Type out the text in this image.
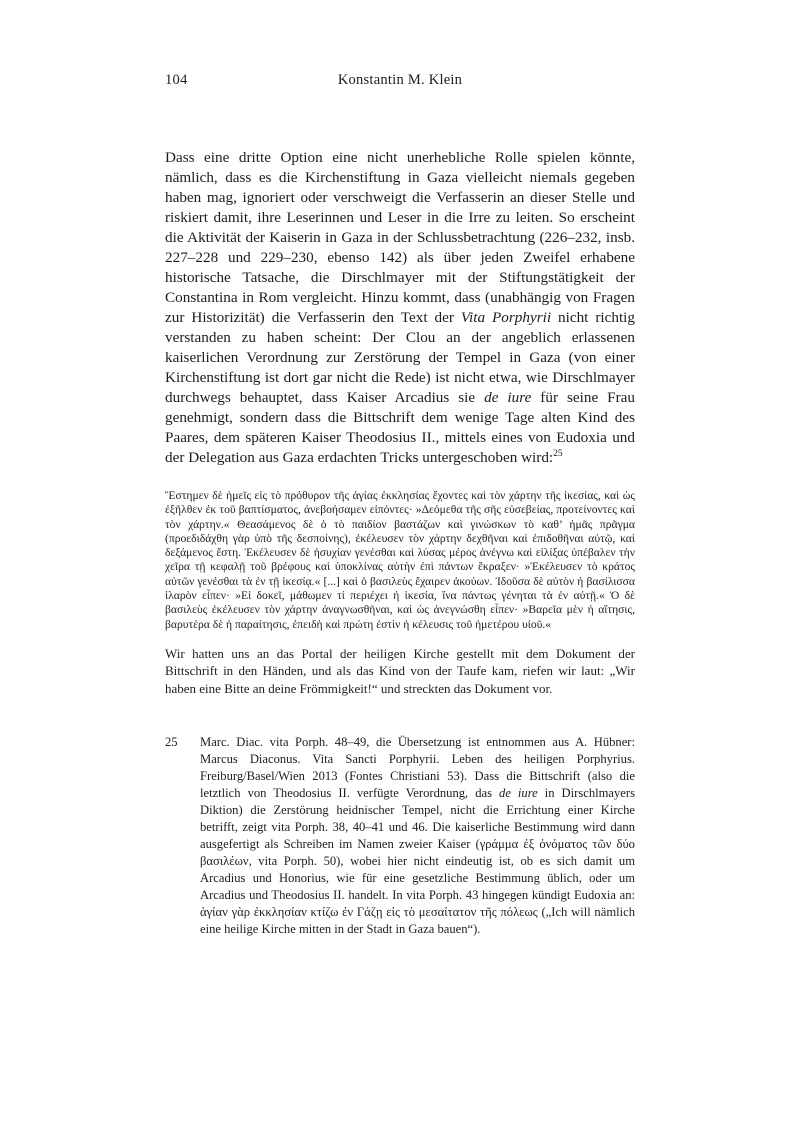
104	Konstantin M. Klein

Dass eine dritte Option eine nicht unerhebliche Rolle spielen könnte, nämlich, dass es die Kirchenstiftung in Gaza vielleicht niemals gegeben haben mag, ignoriert oder verschweigt die Verfasserin an dieser Stelle und riskiert damit, ihre Leserinnen und Leser in die Irre zu leiten. So erscheint die Aktivität der Kaiserin in Gaza in der Schlussbetrachtung (226–232, insb. 227–228 und 229–230, ebenso 142) als über jeden Zweifel erhabene historische Tatsache, die Dirschlmayer mit der Stiftungstätigkeit der Constantina in Rom vergleicht. Hinzu kommt, dass (unabhängig von Fragen zur Historizität) die Verfasserin den Text der Vita Porphyrii nicht richtig verstanden zu haben scheint: Der Clou an der angeblich erlassenen kaiserlichen Verordnung zur Zerstörung der Tempel in Gaza (von einer Kirchenstiftung ist dort gar nicht die Rede) ist nicht etwa, wie Dirschlmayer durchwegs behauptet, dass Kaiser Arcadius sie de iure für seine Frau genehmigt, sondern dass die Bittschrift dem wenige Tage alten Kind des Paares, dem späteren Kaiser Theodosius II., mittels eines von Eudoxia und der Delegation aus Gaza erdachten Tricks untergeschoben wird:$^{25}$

Ἕστημεν δὲ ἡμεῖς εἰς τὸ πρόθυρον τῆς ἁγίας ἐκκλησίας ἔχοντες καὶ τὸν χάρτην τῆς ἱκεσίας, καὶ ὡς ἐξῆλθεν ἐκ τοῦ βαπτίσματος, ἀνεβοήσαμεν εἰπόντες· »Δεόμεθα τῆς σῆς εὐσεβείας, προτείνοντες καὶ τὸν χάρτην.« Θεασάμενος δὲ ὁ τὸ παιδίον βαστάζων καὶ γινώσκων τὸ καθ’ ἡμᾶς πρᾶγμα (προεδιδάχθη γὰρ ὑπὸ τῆς δεσποίνης), ἐκέλευσεν τὸν χάρτην δεχθῆναι καὶ ἐπιδοθῆναι αὐτῷ, καὶ δεξάμενος ἔστη. Ἐκέλευσεν δὲ ἡσυχίαν γενέσθαι καὶ λύσας μέρος ἀνέγνω καὶ εἱλίξας ὑπέβαλεν τὴν χεῖρα τῇ κεφαλῇ τοῦ βρέφους καὶ ὑποκλίνας αὐτὴν ἐπὶ πάντων ἔκραξεν· »Ἐκέλευσεν τὸ κράτος αὐτῶν γενέσθαι τὰ ἐν τῇ ἱκεσίᾳ.« [...] καὶ ὁ βασιλεὺς ἔχαιρεν ἀκούων. Ἰδοῦσα δὲ αὐτὸν ἡ βασίλισσα ἱλαρὸν εἶπεν· »Εἰ δοκεῖ, μάθωμεν τί περιέχει ἡ ἱκεσία, ἵνα πάντως γένηται τὰ ἐν αὐτῇ.« Ὁ δὲ βασιλεὺς ἐκέλευσεν τὸν χάρτην ἀναγνωσθῆναι, καὶ ὡς ἀνεγνώσθη εἶπεν· »Βαρεῖα μὲν ἡ αἴτησις, βαρυτέρα δὲ ἡ παραίτησις, ἐπειδὴ καὶ πρώτη ἐστὶν ἡ κέλευσις τοῦ ἡμετέρου υἱοῦ.«

Wir hatten uns an das Portal der heiligen Kirche gestellt mit dem Dokument der Bittschrift in den Händen, und als das Kind von der Taufe kam, riefen wir laut: „Wir haben eine Bitte an deine Frömmigkeit!“ und streckten das Dokument vor.

25 Marc. Diac. vita Porph. 48–49, die Übersetzung ist entnommen aus A. Hübner: Marcus Diaconus. Vita Sancti Porphyrii. Leben des heiligen Porphyrius. Freiburg/Basel/Wien 2013 (Fontes Christiani 53). Dass die Bittschrift (also die letztlich von Theodosius II. verfügte Verordnung, das de iure in Dirschlmayers Diktion) die Zerstörung heidnischer Tempel, nicht die Errichtung einer Kirche betrifft, zeigt vita Porph. 38, 40–41 und 46. Die kaiserliche Bestimmung wird dann ausgefertigt als Schreiben im Namen zweier Kaiser (γράμμα ἐξ ὀνόματος τῶν δύο βασιλέων, vita Porph. 50), wobei hier nicht eindeutig ist, ob es sich damit um Arcadius und Honorius, wie für eine gesetzliche Bestimmung üblich, oder um Arcadius und Theodosius II. handelt. In vita Porph. 43 hingegen kündigt Eudoxia an: ἁγίαν γὰρ ἐκκλησίαν κτίζω ἐν Γάζῃ εἰς τὸ μεσαίτατον τῆς πόλεως („Ich will nämlich eine heilige Kirche mitten in der Stadt in Gaza bauen“).
